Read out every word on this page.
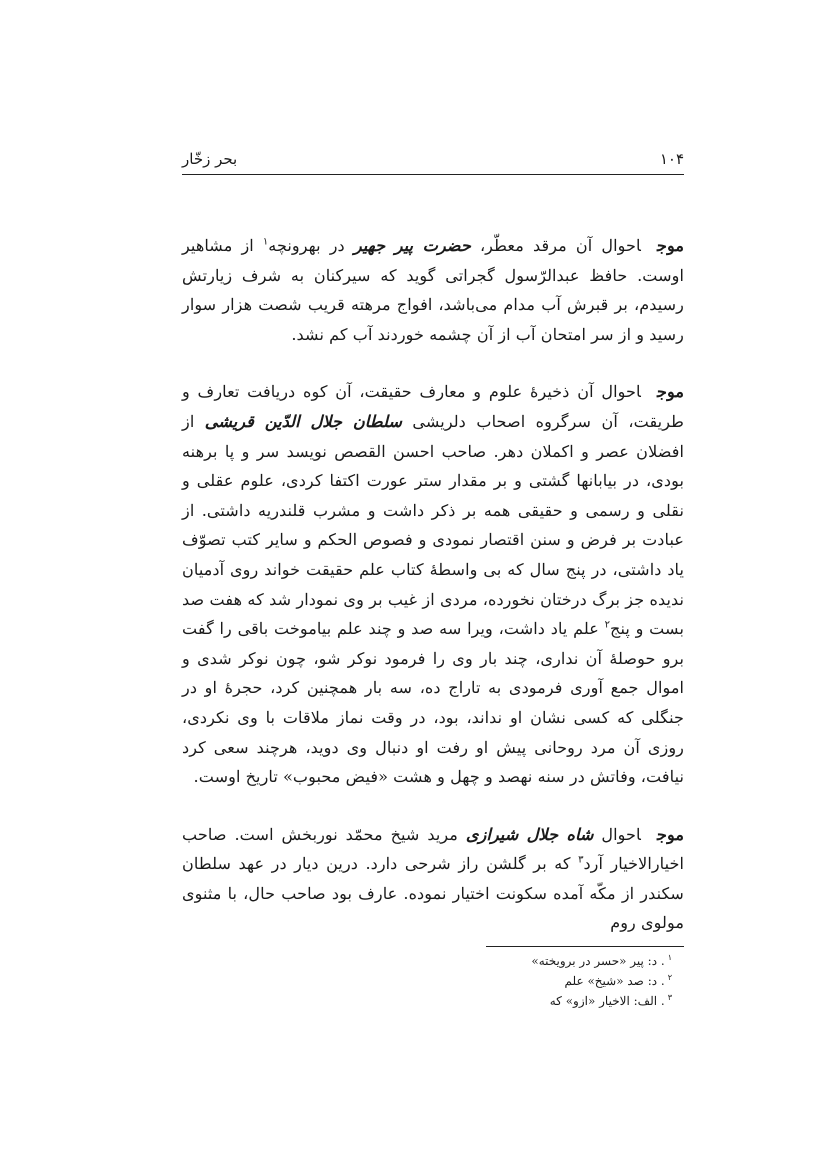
۱۰۴
بحر زخّار

موجاحوال آن مرقد معطّر، حضرت پیر جهیر در بهرونچه$^۱$ از مشاهیر اوست. حافظ عبدالرّسول گجراتی گوید که سیرکنان به شرف زیارتش رسیدم، بر قبرش آب مدام می‌باشد، افواج مرهته قریب شصت هزار سوار رسید و از سر امتحان آب از آن چشمه خوردند آب کم نشد.

موجاحوال آن ذخیرهٔ علوم و معارف حقیقت، آن کوه دریافت تعارف و طریقت، آن سرگروه اصحاب دلریشی سلطان جلال الدّین قریشی از افضلان عصر و اکملان دهر. صاحب احسن القصص نویسد سر و پا برهنه بودی، در بیابانها گشتی و بر مقدار ستر عورت اکتفا کردی، علوم عقلی و نقلی و رسمی و حقیقی همه بر ذکر داشت و مشرب قلندریه داشتی. از عبادت بر فرض و سنن اقتصار نمودی و فصوص الحکم و سایر کتب تصوّف یاد داشتی، در پنج سال که بی واسطهٔ کتاب علم حقیقت خواند روی آدمیان ندیده جز برگ درختان نخورده، مردی از غیب بر وی نمودار شد که هفت صد بست و پنج$^۲$ علم یاد داشت، ویرا سه صد و چند علم بیاموخت باقی را گفت برو حوصلهٔ آن نداری، چند بار وی را فرمود نوکر شو، چون نوکر شدی و اموال جمع آوری فرمودی به تاراج ده، سه بار همچنین کرد، حجرهٔ او در جنگلی که کسی نشان او نداند، بود، در وقت نماز ملاقات با وی نکردی، روزی آن مرد روحانی پیش او رفت او دنبال وی دوید، هرچند سعی کرد نیافت، وفاتش در سنه نهصد و چهل و هشت «فیض محبوب» تاریخ اوست.

موجاحوال شاه جلال شیرازی مرید شیخ محمّد نوربخش است. صاحب اخیارالاخیار آرد$^۳$ که بر گلشن راز شرحی دارد. درین دیار در عهد سلطان سکندر از مکّه آمده سکونت اختیار نموده. عارف بود صاحب حال، با مثنوی مولوی روم

$^۱$. د: پیر «حسر در برویخته»
$^۲$. د: صد «شیخ» علم
$^۳$. الف: الاخیار «ازو» که
